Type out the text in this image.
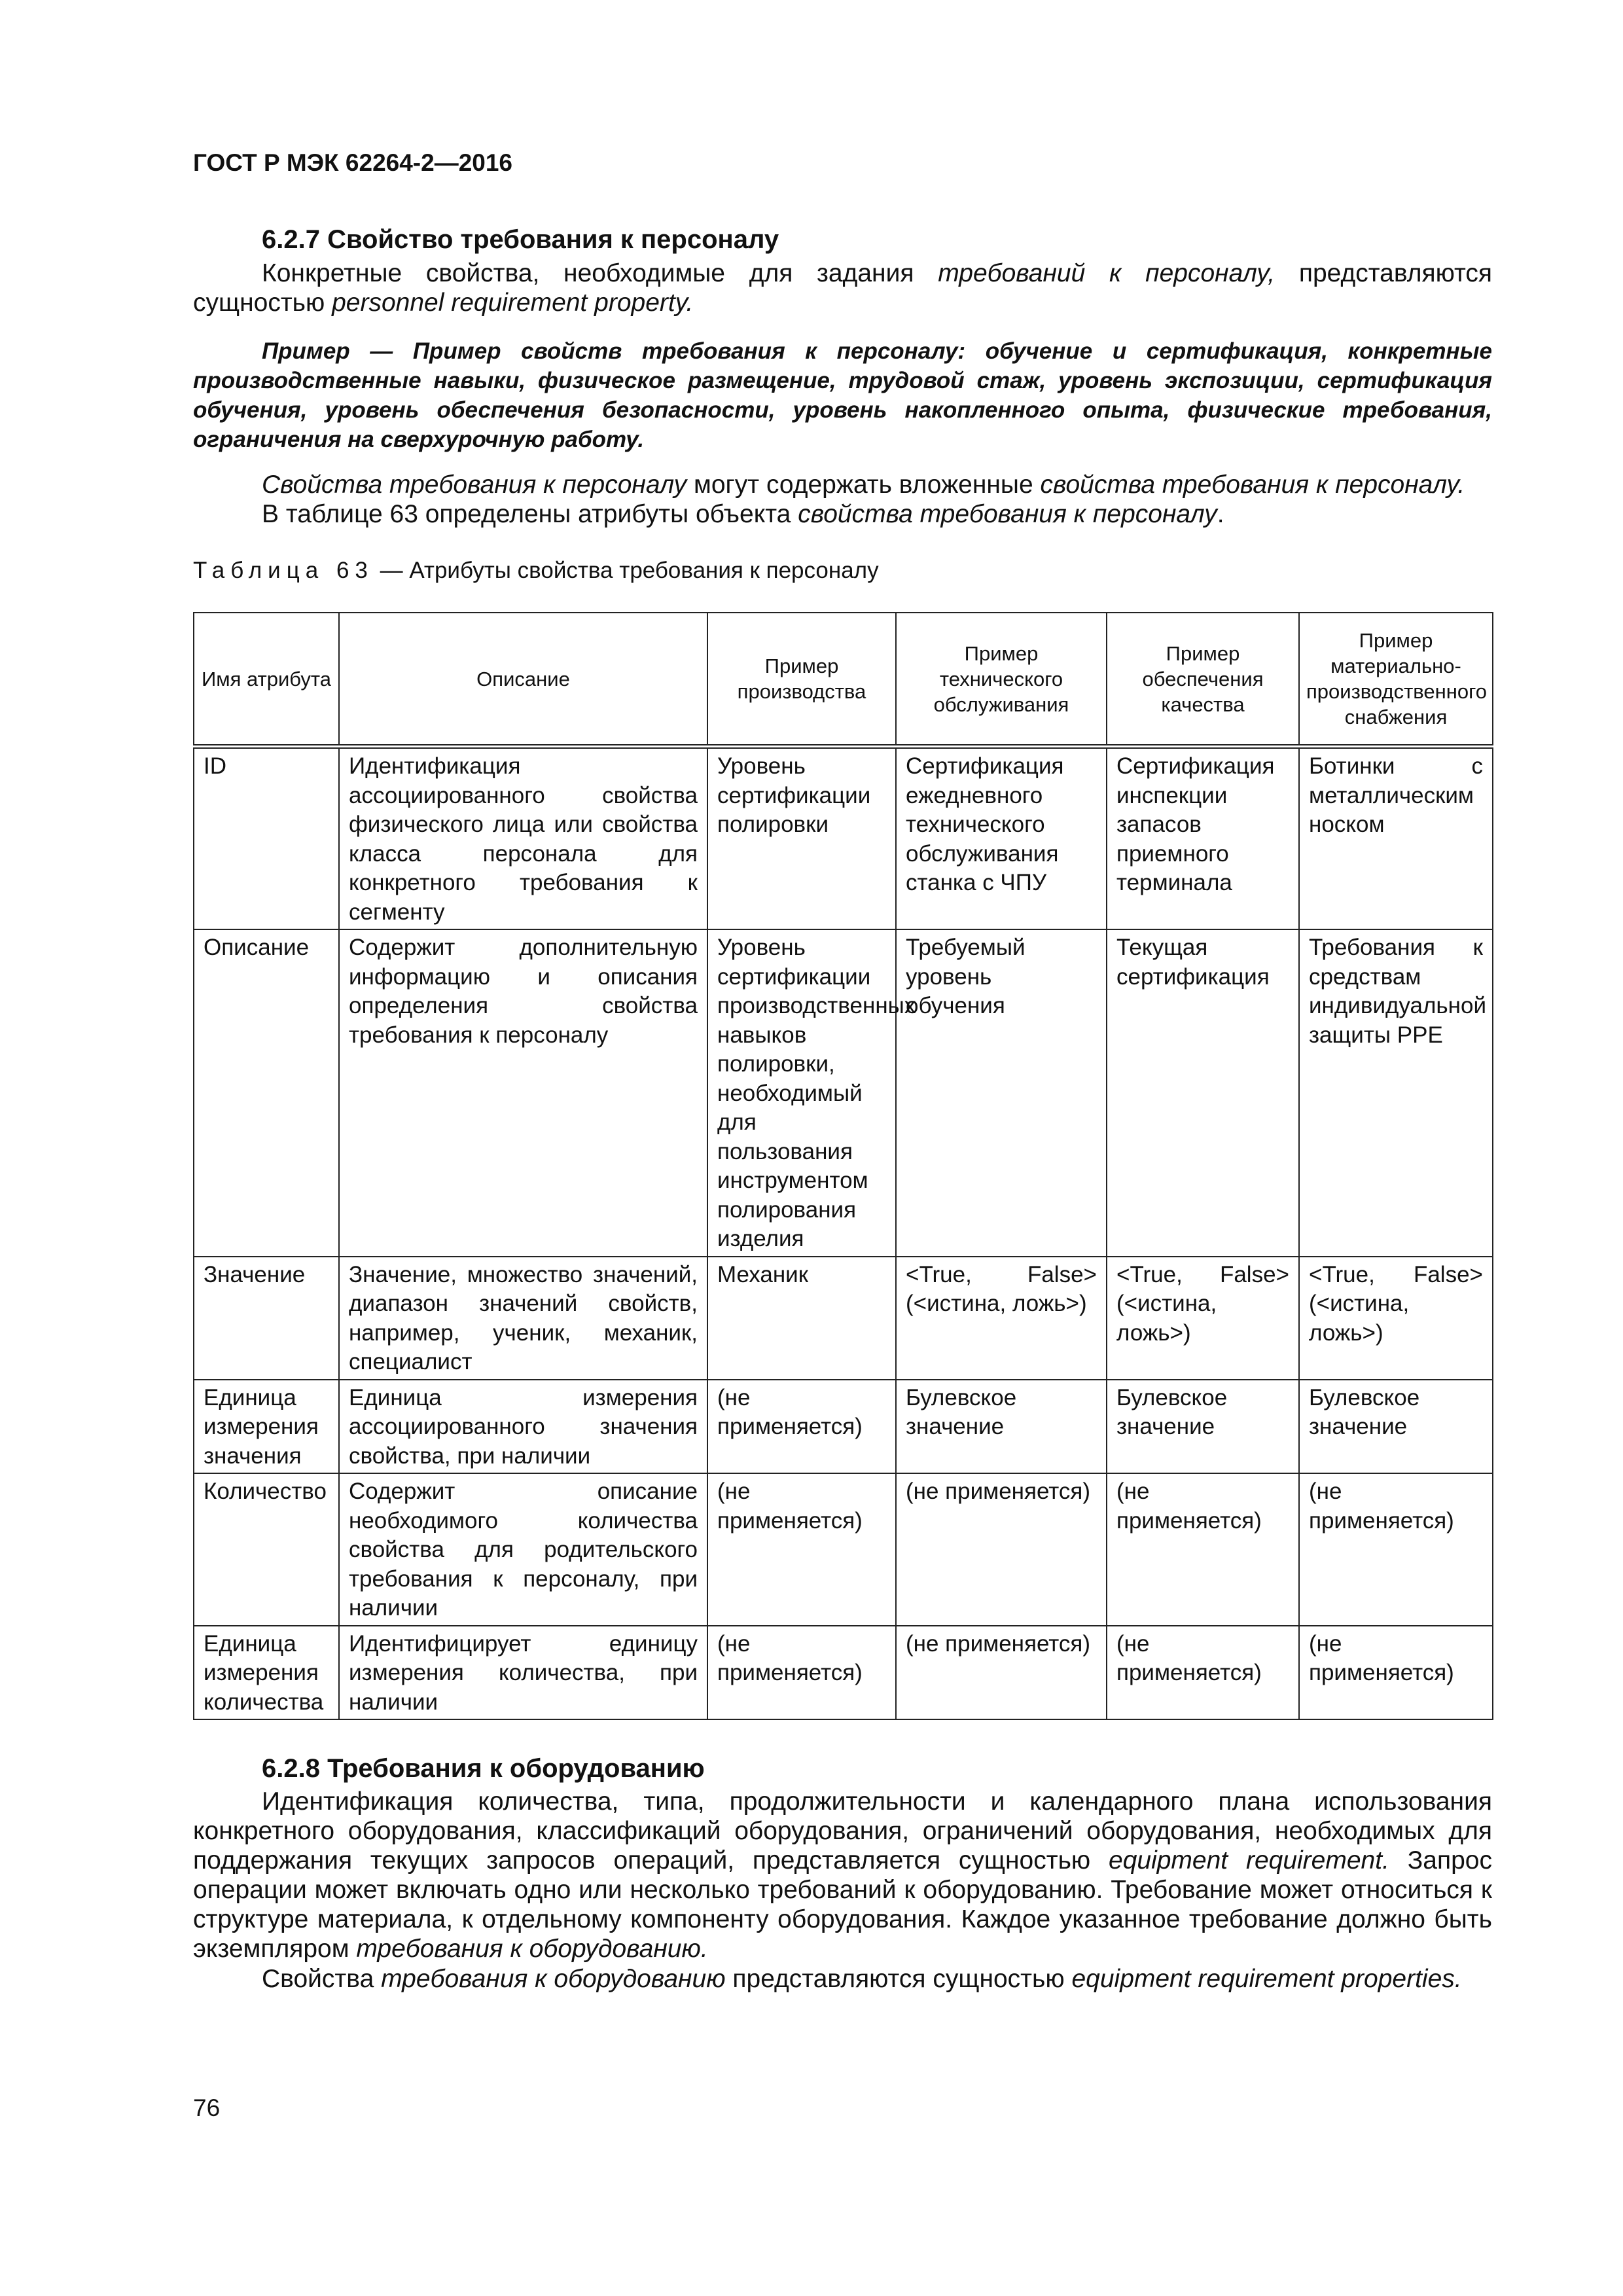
ГОСТ Р МЭК 62264-2—2016
6.2.7 Свойство требования к персоналу
Конкретные свойства, необходимые для задания требований к персоналу, представляются сущностью personnel requirement property.
Пример — Пример свойств требования к персоналу: обучение и сертификация, конкретные производственные навыки, физическое размещение, трудовой стаж, уровень экспозиции, сертификация обучения, уровень обеспечения безопасности, уровень накопленного опыта, физические требования, ограничения на сверхурочную работу.
Свойства требования к персоналу могут содержать вложенные свойства требования к персоналу.
В таблице 63 определены атрибуты объекта свойства требования к персоналу.
Таблица 63 — Атрибуты свойства требования к персоналу
Имя атрибута	Описание	Пример производства	Пример технического обслуживания	Пример обеспечения качества	Пример материально-производственного снабжения
ID	Идентификация ассоциированного свойства физического лица или свойства класса персонала для конкретного требования к сегменту	Уровень сертификации полировки	Сертификация ежедневного технического обслуживания станка с ЧПУ	Сертификация инспекции запасов приемного терминала	Ботинки с металлическим носком
Описание	Содержит дополнительную информацию и описания определения свойства требования к персоналу	Уровень сертификации производственных навыков полировки, необходимый для пользования инструментом полирования изделия	Требуемый уровень обучения	Текущая сертификация	Требования к средствам индивидуальной защиты PPE
Значение	Значение, множество значений, диапазон значений свойств, например, ученик, механик, специалист	Механик	<True, False> (<истина, ложь>)	<True, False> (<истина, ложь>)	<True, False> (<истина, ложь>)
Единица измерения значения	Единица измерения ассоциированного значения свойства, при наличии	(не применяется)	Булевское значение	Булевское значение	Булевское значение
Количество	Содержит описание необходимого количества свойства для родительского требования к персоналу, при наличии	(не применяется)	(не применяется)	(не применяется)	(не применяется)
Единица измерения количества	Идентифицирует единицу измерения количества, при наличии	(не применяется)	(не применяется)	(не применяется)	(не применяется)
6.2.8 Требования к оборудованию
Идентификация количества, типа, продолжительности и календарного плана использования конкретного оборудования, классификаций оборудования, ограничений оборудования, необходимых для поддержания текущих запросов операций, представляется сущностью equipment requirement. Запрос операции может включать одно или несколько требований к оборудованию. Требование может относиться к структуре материала, к отдельному компоненту оборудования. Каждое указанное требование должно быть экземпляром требования к оборудованию.
Свойства требования к оборудованию представляются сущностью equipment requirement properties.
76
